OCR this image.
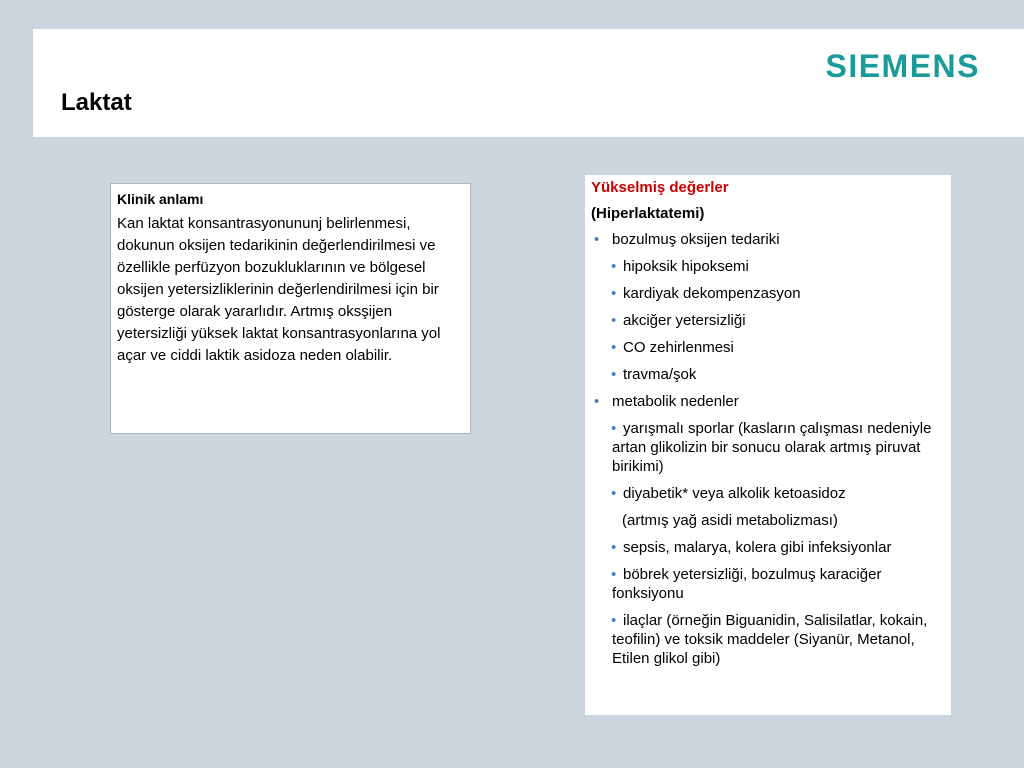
Laktat
SIEMENS
Klinik anlamı
Kan laktat konsantrasyonununj belirlenmesi, dokunun oksijen tedarikinin değerlendirilmesi ve özellikle perfüzyon bozukluklarının ve bölgesel oksijen yetersizliklerinin değerlendirilmesi için bir gösterge olarak yararlıdır. Artmış oksşijen yetersizliği yüksek laktat konsantrasyonlarına yol açar ve ciddi laktik asidoza neden olabilir.
Yükselmiş değerler
(Hiperlaktatemi)
• bozulmuş oksijen tedariki
• hipoksik hipoksemi
• kardiyak dekompenzasyon
• akciğer yetersizliği
• CO zehirlenmesi
• travma/şok
• metabolik nedenler
• yarışmalı sporlar (kasların çalışması nedeniyle artan glikolizin bir sonucu olarak artmış piruvat birikimi)
• diyabetik* veya alkolik ketoasidoz
(artmış yağ asidi metabolizması)
• sepsis, malarya, kolera gibi infeksiyonlar
• böbrek yetersizliği, bozulmuş karaciğer fonksiyonu
• ilaçlar (örneğin Biguanidin, Salisilatlar, kokain, teofilin) ve toksik maddeler (Siyanür, Metanol, Etilen glikol gibi)
